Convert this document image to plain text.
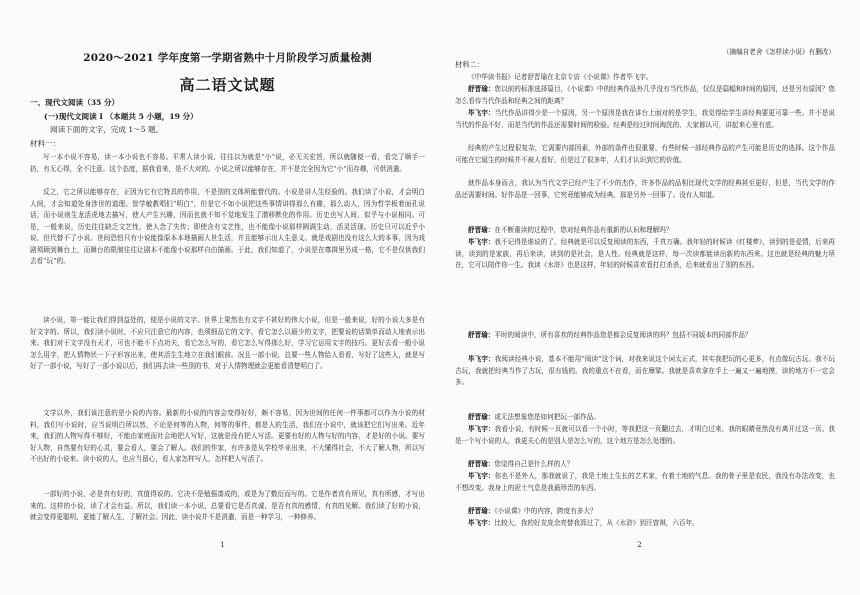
2020～2021 学年度第一学期省熟中十月阶段学习质量检测
高二语文试题
一、现代文阅读（35 分）
(一)现代文阅读 I （本题共 5 小题，19 分）
阅读下面的文字，完成 1～5 题。
材料一：
写一本小说不容易，读一本小说也不容易。平常人读小说，往往以为就是“小”说，必无关宏旨，所以就随便一看，看完了顺手一扔，有无心得，全不注意。这个态度，据我看来，是不大对的。小说之所以能够存在，并不是完全因为它“小”而存趣，可供消遣。
反之，它之所以能够存在，正因为它有它特具的作用，不是别的文体所能替代的。小说是讲人生经验的。我们读了小说，才会明白人间，才会知道处身涉世的道理。智学敏教唱们“明白”，但是它不如小说把这些事情讲得那么有趣，那么动人，因为哲学板着面孔说话，而小说则生龙活虎地去描写，使人产生兴趣，因而也就不知不觉地发生了潜移默化的作用。历史也写人间，似乎与小说相同。可是，一般来说，历史往往缺乏文艺性，使人念了失传；即使含有文艺性，也不能像小说那样圆满生动，活灵活现。历史只可以近乎小说，但代替不了小说。世间恐怕只有小说能像原本本地描画人世生活，并且能够示出人生意义。就是戏剧也没有这么大的本事，因为戏剧须顾到舞台上，而舞台的限制往往让剧本不能像小说那样自由描画。于此，我们知道了，小说是在尊揖里另成一格，它不是仅供我们去看“玩”的。
读小说，第一能让我们得到益处的，便是小说的文字。世界上果然也有文字不甚好的伟大小说，但是一般来说，好的小说大多是有好文字的。所以，我们读小说时，不应只注意它的内容，也须细品它的文字，看它怎么以最少的文字，把要说的话简单而动人地表示出来。我们对于文字没有天才，可也不能不下点功夫，看它怎么写的，看它怎么写得那么好，学习它运用文字的技巧。更好去看一般小说怎么用字，把人情物状一下子形容出来，使其活生生地立在我们眼前。况且一部小说，总要一些人物给人看看，写好了这些人，就是写好了一部小说，写好了一部小说以后，我们再去读一些别的书，对于人情物理就会更能看清楚明白了。
文学以外，我们该注意的是小说的内容。最新的小说的内容会变得好好，颇不容易，因为世间的任何一件事都可以作为小说的材料，我们写小说时，应当说明白所以然，不论是何等的人物，何等的事件，都是人的生活，我们在小说中，就该把它们写出来。近年来，我们的人物写得不够好，不能由家庭而社会地把人写好，这就是没有把人写活。更要有好的人物与好的内容，才是好的小说。要写好人物，自然要有好的心灵，要会看人，要会了解人。我们的作家，有许多是从学校毕业出来，不大懂得社会，不大了解人物，所以写不出好的小说来。读小说的人，也应当留心，看人家怎样写人，怎样把人写活了。
一部好的小说，必是真有好的，真值得说的。它决不是勉强凑成的，或是为了敷衍而写的。它是作者真有所见，真有所感，才写出来的。这样的小说，读了才会有益。所以，我们读一本小说，总要看它是否真诚，是否有真的感情，有真的见解。我们读了好的小说，就会变得更聪明，更能了解人生，了解社会。因此，读小说并不是消遣，而是一种学习，一种修养。
1
（摘编自老舍《怎样读小说》有删改）
材料二：
《中华读书报》记者舒晋瑜在北京专访《小说课》作者毕飞宇。
舒晋瑜：您以前的标准选择篇目，《小说课》中的经典作品外几乎没有当代作品，仅仅是篇幅和时间的原因，还是另有原因？您怎么看待当代作品和经典之间的距离？
毕飞宇：当代作品讲得少是一个原因，另一个原因是我在讲台上面对的是学生，我觉得给学生讲经典要更可靠一些。并不是说当代的作品不好，而是当代的作品还需要时间的检验。经典是经过时间淘洗的，大家都认可，讲起来心里有底。
经典的产生过程很复杂，它需要内部因素，外部的条件也很重要，有些时候一部经典作品的产生可能是历史的选择。这个作品可能在它诞生的时候并不被人看好，但是过了很多年，人们才认识到它的价值。
就作品本身而言，我认为当代文学已经产生了不少的杰作，许多作品的品相比现代文学的经典甚至更好，但是，当代文学的作品还需要时间。好作品是一回事，它究竟能够成为经典，那是另外一回事了。没有人知道。
舒晋瑜：在不断重读的过程中，您对经典作品有重新的认识和理解吗？
毕飞宇：我不记得是谁说的了，经典就是可以反复阅读的东西，千真万确。我年轻的时候读《红楼梦》，读到的是爱情，后来再读，读到的是家族，再后来读，读到的是社会，是人性。经典就是这样，每一次读都能读出新的东西来。这也就是经典的魅力所在，它可以陪伴你一生。我读《水浒》也是这样，年轻的时候喜欢看打打杀杀，后来就看出了别的东西。
舒晋瑜：平时的阅读中，所有喜欢的经典作品您是都会反复阅读的吗？包括不同版本的同部作品？
毕飞宇：我阅读经典小说，基本不能用“阅读”这个词，对我来说这个词太正式，其实我把玩的心更多，有点像玩古玩。我不玩古玩，我就把经典当作了古玩，很有钱的。我的重点不在看，而在摩挲。我就是喜欢拿在手上一遍又一遍地摸，读的地方不一定会多。
舒晋瑜：或无法想象您是如何把玩一部作品。
毕飞宇：我看小说，有时候一页就可以看一个小时，等我把这一页翻过去，才明白过来，我的眼睛竟然没有离开过这一页。我是一个写小说的人，我更关心的是别人是怎么写的，这个地方是怎么处理的。
舒晋瑜：您觉得自己是什么样的人？
毕飞宇：你也不是外人，那我就说了，我是土地上生长的艺术家，有着土地的气息。我的骨子里是农民，我没有办法改变，也不想改变。我身上的泥土气息是我最珍贵的东西。
舒晋瑜：《小说课》中的内容，跨度有多大？
毕飞宇：比较大，我的好友庞余亮替我算过了，从《水浒》到汪曾祺，六百年。
2
